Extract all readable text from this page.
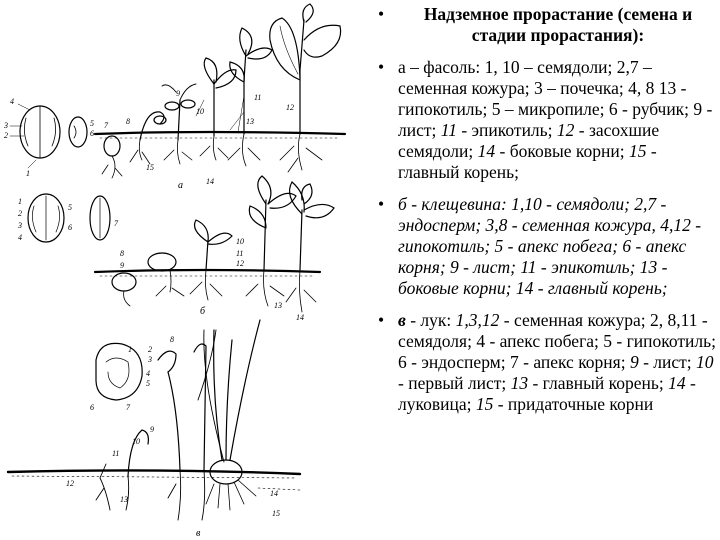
а
б
в
4
3
2
1
5
6
7 8
9
10
11
12
13
14
15
1
2
3
4
5
6	7
8
9
10
11
12
13
14
1 2
3
4
5
6	7
8
9
10
11
12
13
14
15
•	Надземное прорастание (семена и стадии прорастания):
• а – фасоль: 1, 10 – семядоли; 2,7 – семенная кожура; 3 – почечка; 4, 8 13 - гипокотиль; 5 – микропиле; 6 - рубчик; 9 - лист; 11 - эпикотиль; 12 - засохшие семядоли; 14 - боковые корни; 15 - главный корень;
• б - клещевина: 1,10 - семядоли; 2,7 - эндосперм; 3,8 - семенная кожура, 4,12 - гипокотиль; 5 - апекс побега; 6 - апекс корня; 9 - лист; 11 - эпикотиль; 13 - боковые корни; 14 - главный корень;
• в - лук: 1,3,12 - семенная кожура; 2, 8,11 - семядоля; 4 - апекс побега; 5 - гипокотиль; 6 - эндосперм; 7 - апекс корня; 9 - лист; 10 - первый лист; 13 - главный корень; 14 - луковица; 15 - придаточные корни
